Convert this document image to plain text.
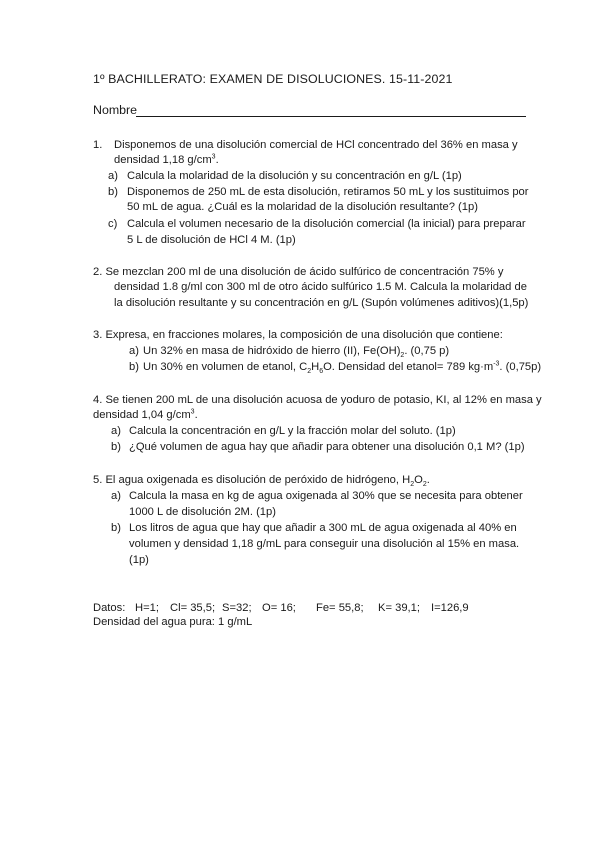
1º BACHILLERATO: EXAMEN DE DISOLUCIONES. 15-11-2021
Nombre
1. Disponemos de una disolución comercial de HCl concentrado del 36% en masa y
densidad 1,18 $g/cm^3$.
a) Calcula la molaridad de la disolución y su concentración en g/L (1p)
b) Disponemos de 250 mL de esta disolución, retiramos 50 mL y los sustituimos por
50 mL de agua. ¿Cuál es la molaridad de la disolución resultante? (1p)
c) Calcula el volumen necesario de la disolución comercial (la inicial) para preparar
5 L de disolución de HCl 4 M. (1p)
2. Se mezclan 200 ml de una disolución de ácido sulfúrico de concentración 75% y
densidad 1.8 g/ml con 300 ml de otro ácido sulfúrico 1.5 M. Calcula la molaridad de
la disolución resultante y su concentración en g/L (Supón volúmenes aditivos)(1,5p)
3. Expresa, en fracciones molares, la composición de una disolución que contiene:
a) Un 32% en masa de hidróxido de hierro (II), $Fe(OH)_2$. (0,75 p)
b) Un 30% en volumen de etanol, $C_2H_6O$. Densidad del etanol= 789 $kg\cdot m^{-3}$. (0,75p)
4. Se tienen 200 mL de una disolución acuosa de yoduro de potasio, KI, al 12% en masa y
densidad 1,04 $g/cm^3$.
a) Calcula la concentración en g/L y la fracción molar del soluto. (1p)
b) ¿Qué volumen de agua hay que añadir para obtener una disolución 0,1 M? (1p)
5. El agua oxigenada es disolución de peróxido de hidrógeno, $H_2O_2$.
a) Calcula la masa en kg de agua oxigenada al 30% que se necesita para obtener
1000 L de disolución 2M. (1p)
b) Los litros de agua que hay que añadir a 300 mL de agua oxigenada al 40% en
volumen y densidad 1,18 g/mL para conseguir una disolución al 15% en masa.
(1p)
Datos: H=1; Cl= 35,5; S=32; O= 16; Fe= 55,8; K= 39,1; I=126,9
Densidad del agua pura: 1 g/mL
